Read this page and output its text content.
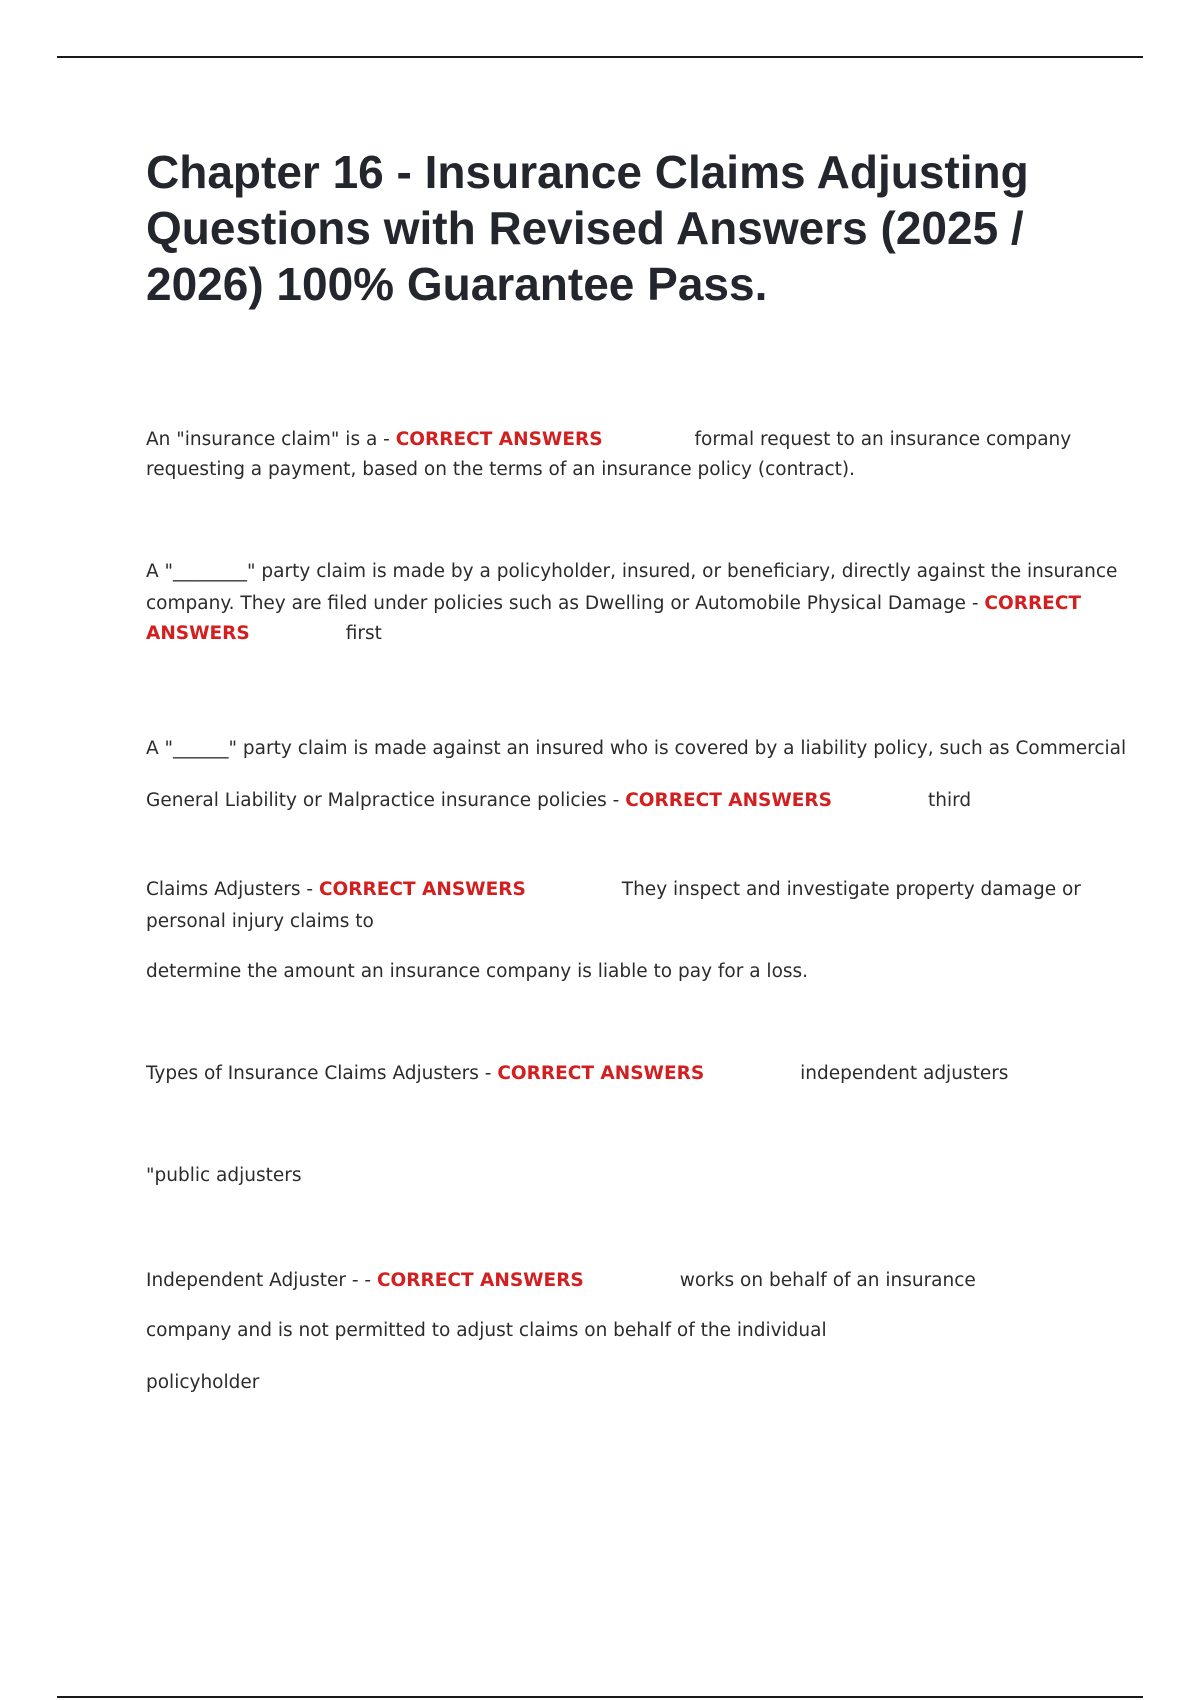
Chapter 16 - Insurance Claims Adjusting Questions with Revised Answers (2025 / 2026) 100% Guarantee Pass.
An "insurance claim" is a - CORRECT ANSWERS	formal request to an insurance company
requesting a payment, based on the terms of an insurance policy (contract).
A "________" party claim is made by a policyholder, insured, or beneficiary, directly against the insurance
company. They are filed under policies such as Dwelling or Automobile Physical Damage - CORRECT
ANSWERS	first
A "______" party claim is made against an insured who is covered by a liability policy, such as Commercial
General Liability or Malpractice insurance policies - CORRECT ANSWERS	third
Claims Adjusters - CORRECT ANSWERS	They inspect and investigate property damage or
personal injury claims to
determine the amount an insurance company is liable to pay for a loss.
Types of Insurance Claims Adjusters - CORRECT ANSWERS	independent adjusters
"public adjusters
Independent Adjuster - - CORRECT ANSWERS	works on behalf of an insurance
company and is not permitted to adjust claims on behalf of the individual
policyholder
